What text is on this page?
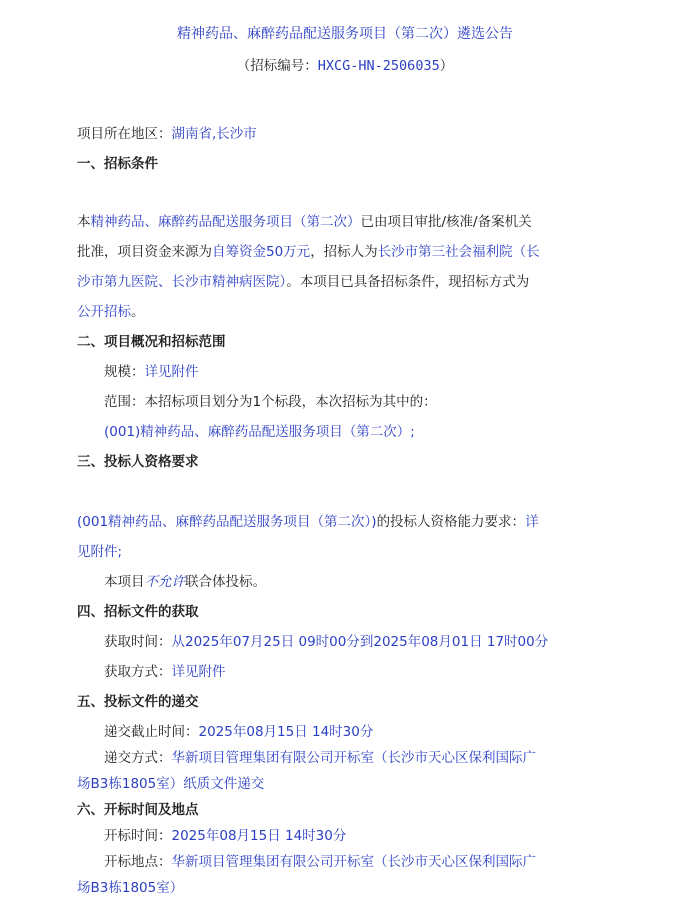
精神药品、麻醉药品配送服务项目（第二次）遴选公告
（招标编号：HXCG-HN-2506035）
项目所在地区：湖南省,长沙市
一、招标条件
本精神药品、麻醉药品配送服务项目（第二次）已由项目审批/核准/备案机关
批准，项目资金来源为自筹资金50万元，招标人为长沙市第三社会福利院（长
沙市第九医院、长沙市精神病医院）。本项目已具备招标条件，现招标方式为
公开招标。
二、项目概况和招标范围
规模：详见附件
范围：本招标项目划分为1个标段，本次招标为其中的：
(001)精神药品、麻醉药品配送服务项目（第二次）;
三、投标人资格要求
(001精神药品、麻醉药品配送服务项目（第二次）)的投标人资格能力要求：详
见附件;
本项目不允许联合体投标。
四、招标文件的获取
获取时间：从2025年07月25日 09时00分到2025年08月01日 17时00分
获取方式：详见附件
五、投标文件的递交
递交截止时间：2025年08月15日 14时30分
递交方式：华新项目管理集团有限公司开标室（长沙市天心区保利国际广
场B3栋1805室）纸质文件递交
六、开标时间及地点
开标时间：2025年08月15日 14时30分
开标地点：华新项目管理集团有限公司开标室（长沙市天心区保利国际广
场B3栋1805室）
